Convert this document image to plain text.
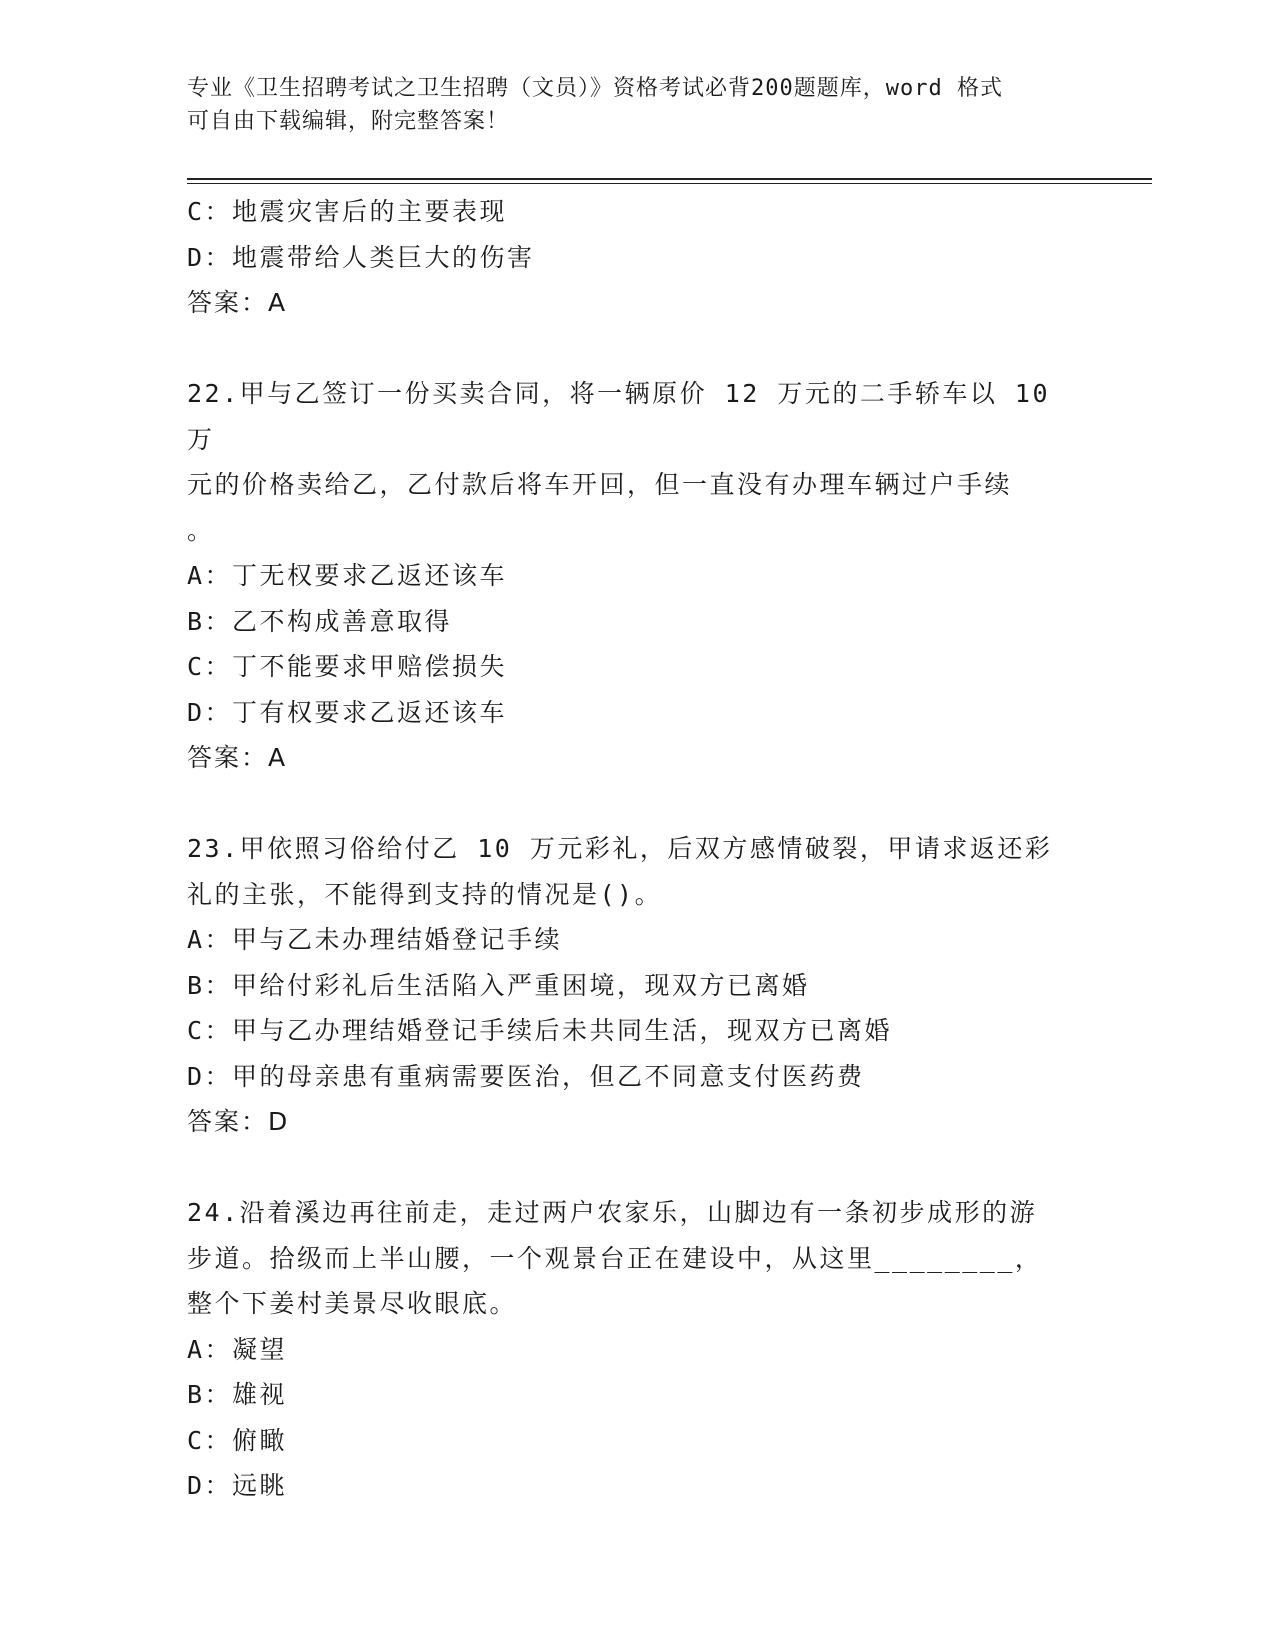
专业《卫生招聘考试之卫生招聘（文员）》资格考试必背200题题库，word 格式
可自由下载编辑，附完整答案！
C：地震灾害后的主要表现
D：地震带给人类巨大的伤害
答案：A
22.甲与乙签订一份买卖合同，将一辆原价 12 万元的二手轿车以 10 万
元的价格卖给乙，乙付款后将车开回，但一直没有办理车辆过户手续
。
A：丁无权要求乙返还该车
B：乙不构成善意取得
C：丁不能要求甲赔偿损失
D：丁有权要求乙返还该车
答案：A
23.甲依照习俗给付乙 10 万元彩礼，后双方感情破裂，甲请求返还彩
礼的主张，不能得到支持的情况是()。
A：甲与乙未办理结婚登记手续
B：甲给付彩礼后生活陷入严重困境，现双方已离婚
C：甲与乙办理结婚登记手续后未共同生活，现双方已离婚
D：甲的母亲患有重病需要医治，但乙不同意支付医药费
答案：D
24.沿着溪边再往前走，走过两户农家乐，山脚边有一条初步成形的游
步道。拾级而上半山腰，一个观景台正在建设中，从这里________，
整个下姜村美景尽收眼底。
A：凝望
B：雄视
C：俯瞰
D：远眺
